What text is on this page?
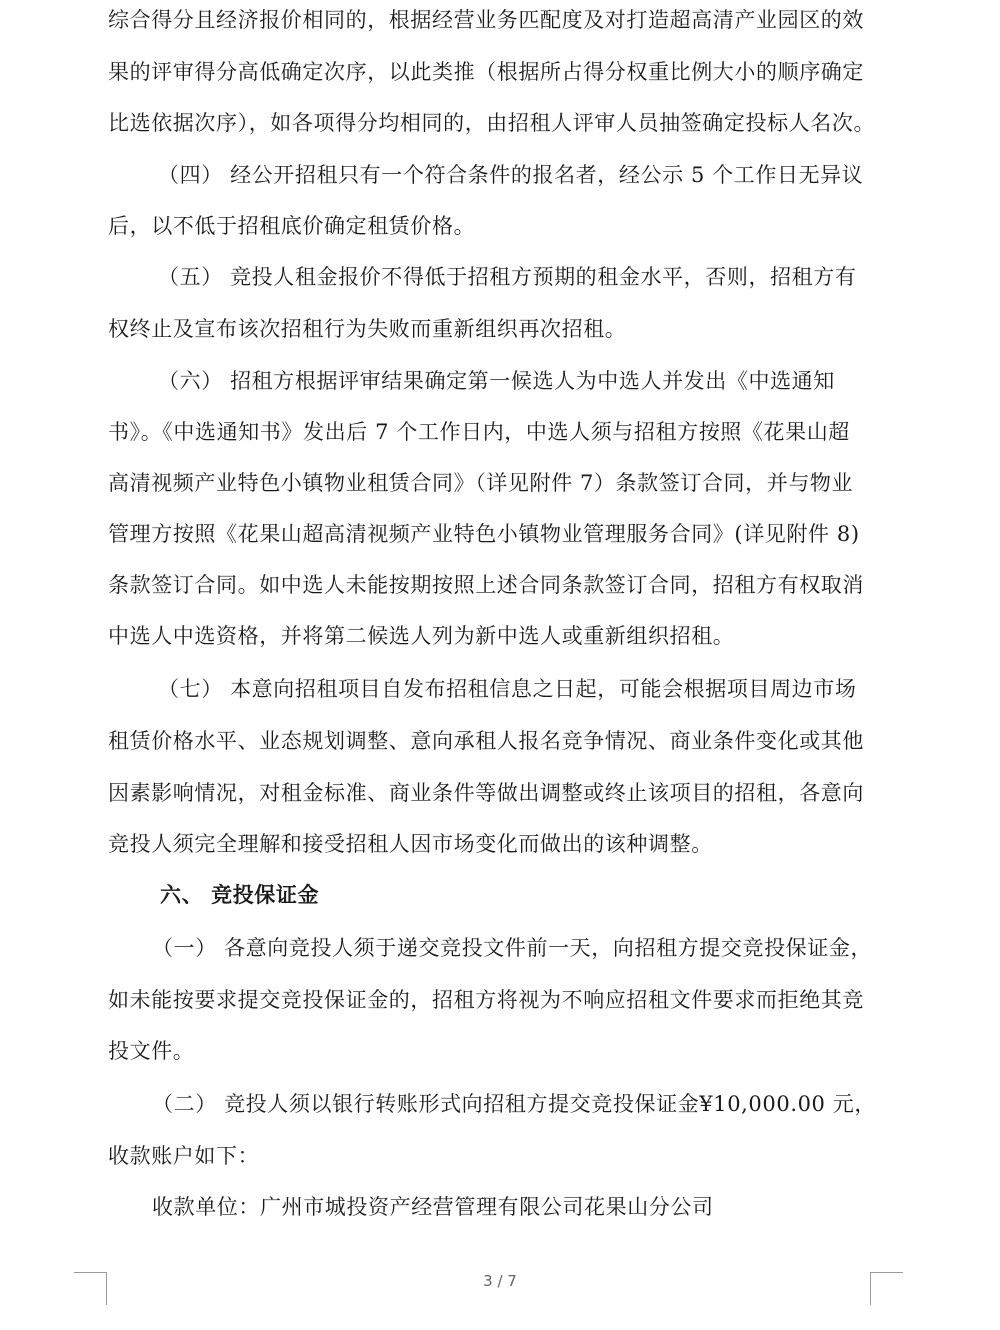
综合得分且经济报价相同的，根据经营业务匹配度及对打造超高清产业园区的效
果的评审得分高低确定次序，以此类推（根据所占得分权重比例大小的顺序确定
比选依据次序），如各项得分均相同的，由招租人评审人员抽签确定投标人名次。
（四） 经公开招租只有一个符合条件的报名者，经公示 5 个工作日无异议
后，以不低于招租底价确定租赁价格。
（五） 竞投人租金报价不得低于招租方预期的租金水平，否则，招租方有
权终止及宣布该次招租行为失败而重新组织再次招租。
（六） 招租方根据评审结果确定第一候选人为中选人并发出《中选通知
书》。《中选通知书》发出后 7 个工作日内，中选人须与招租方按照《花果山超
高清视频产业特色小镇物业租赁合同》（详见附件 7）条款签订合同，并与物业
管理方按照《花果山超高清视频产业特色小镇物业管理服务合同》(详见附件 8)
条款签订合同。如中选人未能按期按照上述合同条款签订合同，招租方有权取消
中选人中选资格，并将第二候选人列为新中选人或重新组织招租。
（七） 本意向招租项目自发布招租信息之日起，可能会根据项目周边市场
租赁价格水平、业态规划调整、意向承租人报名竞争情况、商业条件变化或其他
因素影响情况，对租金标准、商业条件等做出调整或终止该项目的招租，各意向
竞投人须完全理解和接受招租人因市场变化而做出的该种调整。
六、 竞投保证金
（一） 各意向竞投人须于递交竞投文件前一天，向招租方提交竞投保证金，
如未能按要求提交竞投保证金的，招租方将视为不响应招租文件要求而拒绝其竞
投文件。
（二） 竞投人须以银行转账形式向招租方提交竞投保证金¥10,000.00 元，
收款账户如下：
收款单位：广州市城投资产经营管理有限公司花果山分公司
3 / 7
